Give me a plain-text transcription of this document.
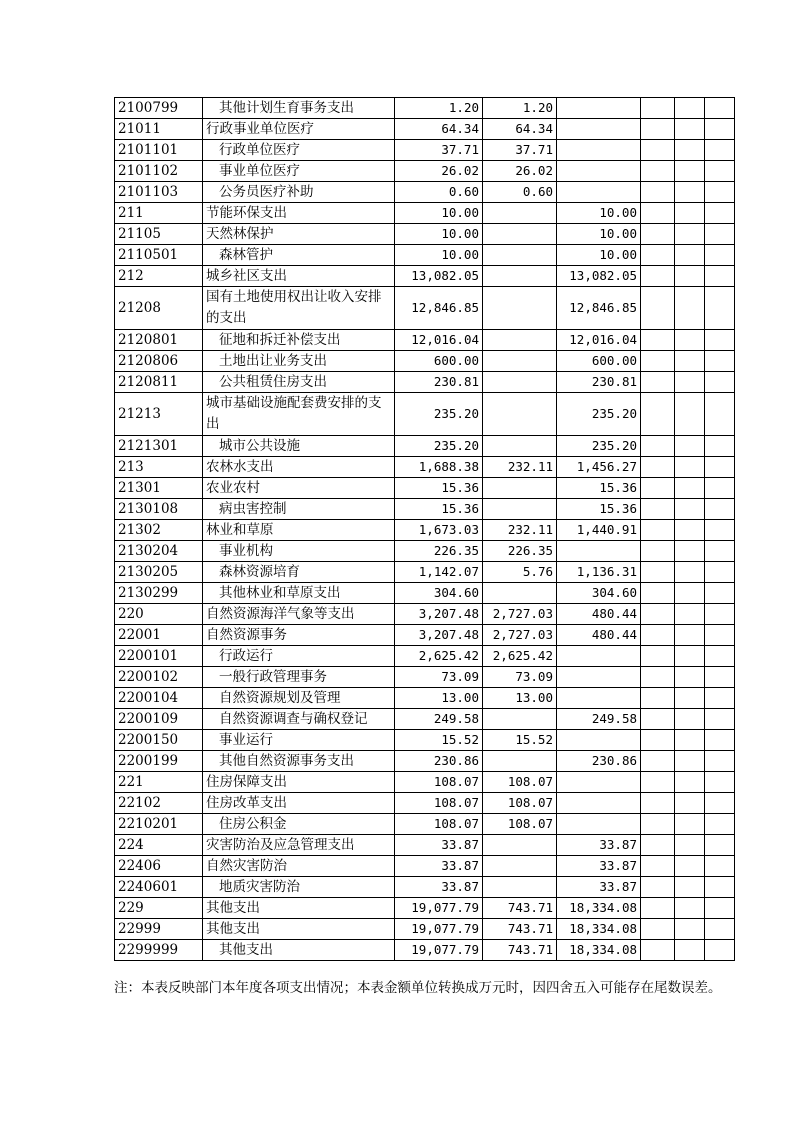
2100799	其他计划生育事务支出	1.20	1.20				
21011	行政事业单位医疗	64.34	64.34				
2101101	行政单位医疗	37.71	37.71				
2101102	事业单位医疗	26.02	26.02				
2101103	公务员医疗补助	0.60	0.60				
211	节能环保支出	10.00		10.00			
21105	天然林保护	10.00		10.00			
2110501	森林管护	10.00		10.00			
212	城乡社区支出	13,082.05		13,082.05			
21208	国有土地使用权出让收入安排的支出	12,846.85		12,846.85			
2120801	征地和拆迁补偿支出	12,016.04		12,016.04			
2120806	土地出让业务支出	600.00		600.00			
2120811	公共租赁住房支出	230.81		230.81			
21213	城市基础设施配套费安排的支出	235.20		235.20			
2121301	城市公共设施	235.20		235.20			
213	农林水支出	1,688.38	232.11	1,456.27			
21301	农业农村	15.36		15.36			
2130108	病虫害控制	15.36		15.36			
21302	林业和草原	1,673.03	232.11	1,440.91			
2130204	事业机构	226.35	226.35				
2130205	森林资源培育	1,142.07	5.76	1,136.31			
2130299	其他林业和草原支出	304.60		304.60			
220	自然资源海洋气象等支出	3,207.48	2,727.03	480.44			
22001	自然资源事务	3,207.48	2,727.03	480.44			
2200101	行政运行	2,625.42	2,625.42				
2200102	一般行政管理事务	73.09	73.09				
2200104	自然资源规划及管理	13.00	13.00				
2200109	自然资源调查与确权登记	249.58		249.58			
2200150	事业运行	15.52	15.52				
2200199	其他自然资源事务支出	230.86		230.86			
221	住房保障支出	108.07	108.07				
22102	住房改革支出	108.07	108.07				
2210201	住房公积金	108.07	108.07				
224	灾害防治及应急管理支出	33.87		33.87			
22406	自然灾害防治	33.87		33.87			
2240601	地质灾害防治	33.87		33.87			
229	其他支出	19,077.79	743.71	18,334.08			
22999	其他支出	19,077.79	743.71	18,334.08			
2299999	其他支出	19,077.79	743.71	18,334.08			
注：本表反映部门本年度各项支出情况；本表金额单位转换成万元时，因四舍五入可能存在尾数误差。
